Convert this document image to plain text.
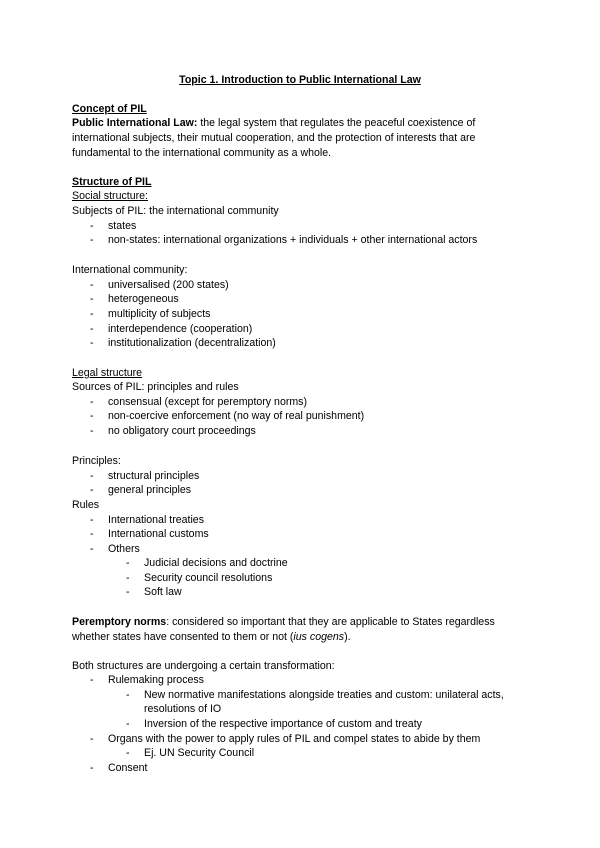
Topic 1. Introduction to Public International Law
Concept of PIL
Public International Law: the legal system that regulates the peaceful coexistence of
international subjects, their mutual cooperation, and the protection of interests that are
fundamental to the international community as a whole.
Structure of PIL
Social structure:
Subjects of PIL: the international community
- states
- non-states: international organizations + individuals + other international actors
International community:
- universalised (200 states)
- heterogeneous
- multiplicity of subjects
- interdependence (cooperation)
- institutionalization (decentralization)
Legal structure
Sources of PIL: principles and rules
- consensual (except for peremptory norms)
- non-coercive enforcement (no way of real punishment)
- no obligatory court proceedings
Principles:
- structural principles
- general principles
Rules
- International treaties
- International customs
- Others
- Judicial decisions and doctrine
- Security council resolutions
- Soft law
Peremptory norms: considered so important that they are applicable to States regardless
whether states have consented to them or not (ius cogens).
Both structures are undergoing a certain transformation:
- Rulemaking process
- New normative manifestations alongside treaties and custom: unilateral acts,
resolutions of IO
- Inversion of the respective importance of custom and treaty
- Organs with the power to apply rules of PIL and compel states to abide by them
- Ej. UN Security Council
- Consent
